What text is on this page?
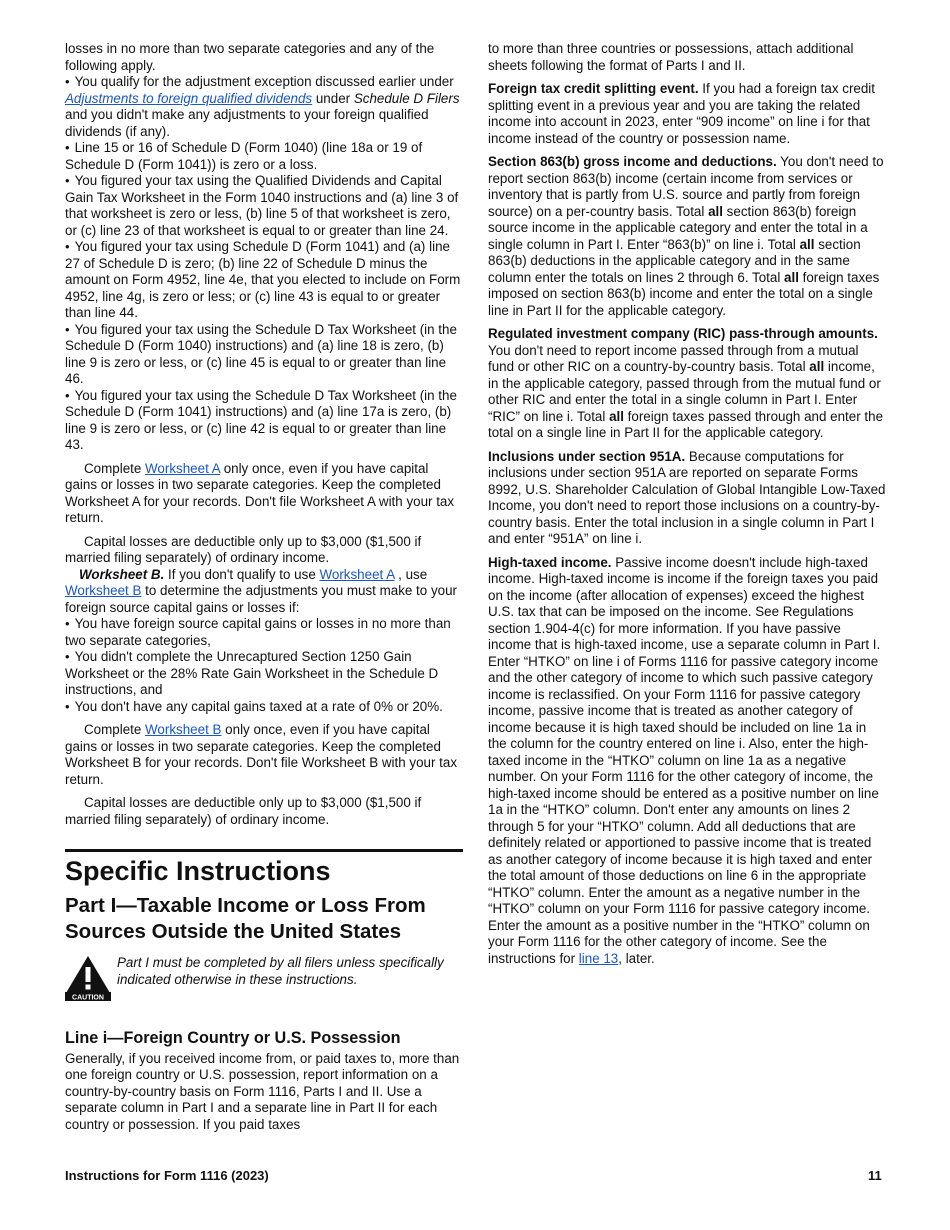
losses in no more than two separate categories and any of the following apply.

• You qualify for the adjustment exception discussed earlier under Adjustments to foreign qualified dividends under Schedule D Filers and you didn't make any adjustments to your foreign qualified dividends (if any).

• Line 15 or 16 of Schedule D (Form 1040) (line 18a or 19 of Schedule D (Form 1041)) is zero or a loss.

• You figured your tax using the Qualified Dividends and Capital Gain Tax Worksheet in the Form 1040 instructions and (a) line 3 of that worksheet is zero or less, (b) line 5 of that worksheet is zero, or (c) line 23 of that worksheet is equal to or greater than line 24.

• You figured your tax using Schedule D (Form 1041) and (a) line 27 of Schedule D is zero; (b) line 22 of Schedule D minus the amount on Form 4952, line 4e, that you elected to include on Form 4952, line 4g, is zero or less; or (c) line 43 is equal to or greater than line 44.

• You figured your tax using the Schedule D Tax Worksheet (in the Schedule D (Form 1040) instructions) and (a) line 18 is zero, (b) line 9 is zero or less, or (c) line 45 is equal to or greater than line 46.

• You figured your tax using the Schedule D Tax Worksheet (in the Schedule D (Form 1041) instructions) and (a) line 17a is zero, (b) line 9 is zero or less, or (c) line 42 is equal to or greater than line 43.

Complete Worksheet A only once, even if you have capital gains or losses in two separate categories. Keep the completed Worksheet A for your records. Don't file Worksheet A with your tax return.

Capital losses are deductible only up to $3,000 ($1,500 if married filing separately) of ordinary income.

Worksheet B. If you don't qualify to use Worksheet A , use Worksheet B to determine the adjustments you must make to your foreign source capital gains or losses if:

• You have foreign source capital gains or losses in no more than two separate categories,

• You didn't complete the Unrecaptured Section 1250 Gain Worksheet or the 28% Rate Gain Worksheet in the Schedule D instructions, and

• You don't have any capital gains taxed at a rate of 0% or 20%.

Complete Worksheet B only once, even if you have capital gains or losses in two separate categories. Keep the completed Worksheet B for your records. Don't file Worksheet B with your tax return.

Capital losses are deductible only up to $3,000 ($1,500 if married filing separately) of ordinary income.

Specific Instructions
Part I—Taxable Income or Loss From Sources Outside the United States
CAUTION
Part I must be completed by all filers unless specifically indicated otherwise in these instructions.
Line i—Foreign Country or U.S. Possession

Generally, if you received income from, or paid taxes to, more than one foreign country or U.S. possession, report information on a country-by-country basis on Form 1116, Parts I and II. Use a separate column in Part I and a separate line in Part II for each country or possession. If you paid taxes

to more than three countries or possessions, attach additional sheets following the format of Parts I and II.

Foreign tax credit splitting event. If you had a foreign tax credit splitting event in a previous year and you are taking the related income into account in 2023, enter “909 income” on line i for that income instead of the country or possession name.

Section 863(b) gross income and deductions. You don't need to report section 863(b) income (certain income from services or inventory that is partly from U.S. source and partly from foreign source) on a per-country basis. Total all section 863(b) foreign source income in the applicable category and enter the total in a single column in Part I. Enter “863(b)” on line i. Total all section 863(b) deductions in the applicable category and in the same column enter the totals on lines 2 through 6. Total all foreign taxes imposed on section 863(b) income and enter the total on a single line in Part II for the applicable category.

Regulated investment company (RIC) pass-through amounts. You don't need to report income passed through from a mutual fund or other RIC on a country-by-country basis. Total all income, in the applicable category, passed through from the mutual fund or other RIC and enter the total in a single column in Part I. Enter “RIC” on line i. Total all foreign taxes passed through and enter the total on a single line in Part II for the applicable category.

Inclusions under section 951A. Because computations for inclusions under section 951A are reported on separate Forms 8992, U.S. Shareholder Calculation of Global Intangible Low-Taxed Income, you don't need to report those inclusions on a country-by-country basis. Enter the total inclusion in a single column in Part I and enter “951A” on line i.

High-taxed income. Passive income doesn't include high-taxed income. High-taxed income is income if the foreign taxes you paid on the income (after allocation of expenses) exceed the highest U.S. tax that can be imposed on the income. See Regulations section 1.904-4(c) for more information. If you have passive income that is high-taxed income, use a separate column in Part I. Enter “HTKO” on line i of Forms 1116 for passive category income and the other category of income to which such passive category income is reclassified. On your Form 1116 for passive category income, passive income that is treated as another category of income because it is high taxed should be included on line 1a in the column for the country entered on line i. Also, enter the high-taxed income in the “HTKO” column on line 1a as a negative number. On your Form 1116 for the other category of income, the high-taxed income should be entered as a positive number on line 1a in the “HTKO” column. Don't enter any amounts on lines 2 through 5 for your “HTKO” column. Add all deductions that are definitely related or apportioned to passive income that is treated as another category of income because it is high taxed and enter the total amount of those deductions on line 6 in the appropriate “HTKO” column. Enter the amount as a negative number in the “HTKO” column on your Form 1116 for passive category income. Enter the amount as a positive number in the “HTKO” column on your Form 1116 for the other category of income. See the instructions for line 13, later.

Instructions for Form 1116 (2023)	11
